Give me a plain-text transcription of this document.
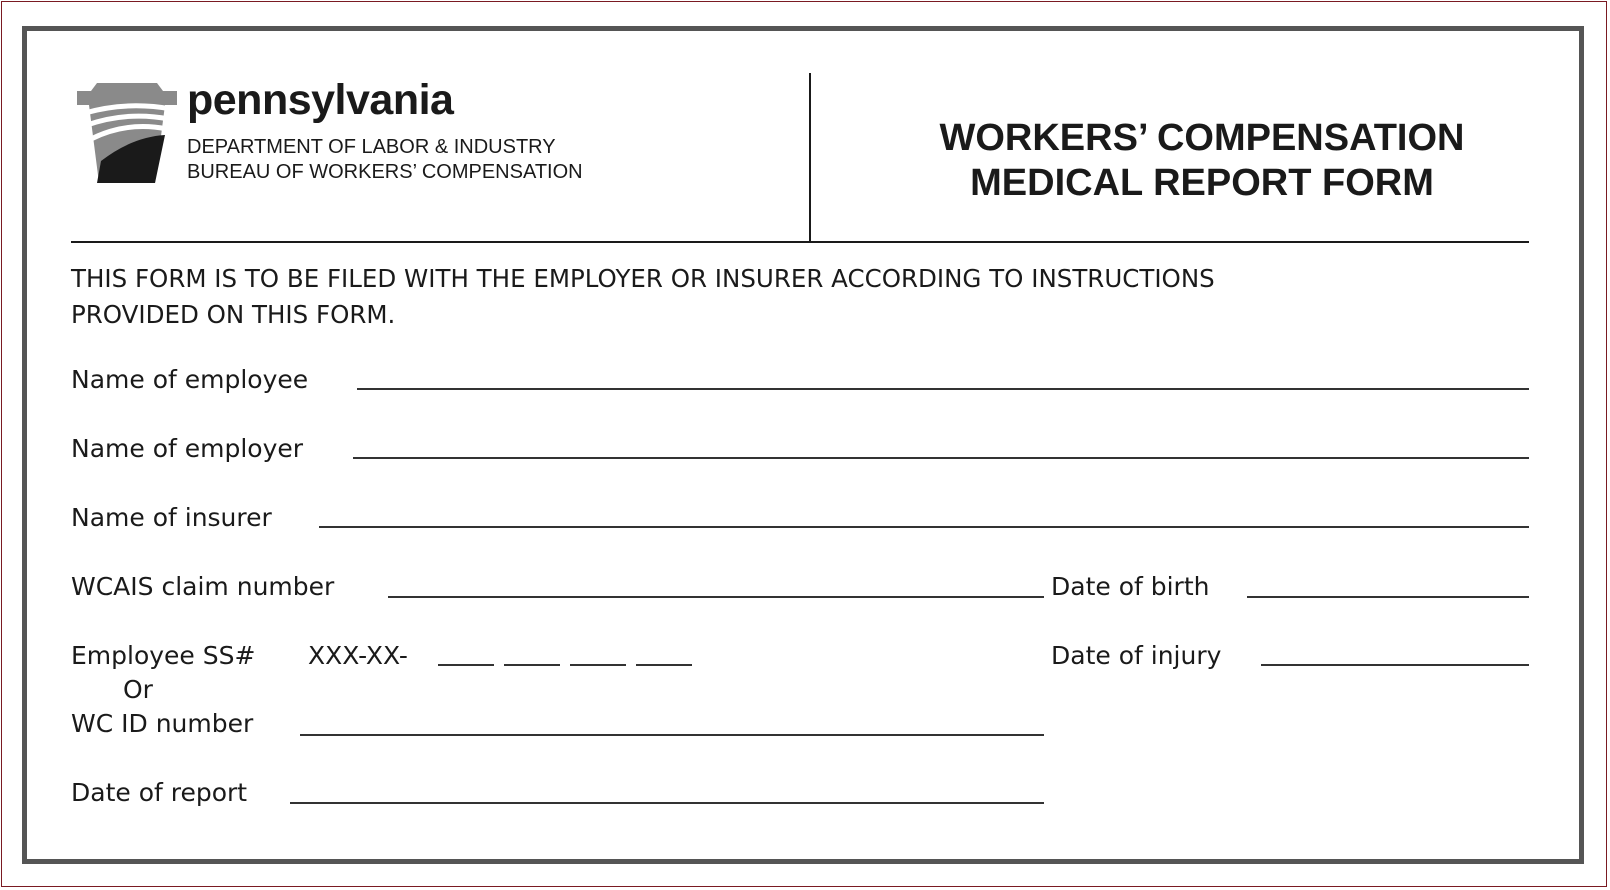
pennsylvania
DEPARTMENT OF LABOR & INDUSTRY
BUREAU OF WORKERS’ COMPENSATION
WORKERS’ COMPENSATION
MEDICAL REPORT FORM
THIS FORM IS TO BE FILED WITH THE EMPLOYER OR INSURER ACCORDING TO INSTRUCTIONS
PROVIDED ON THIS FORM.
Name of employee
Name of employer
Name of insurer
WCAIS claim number	Date of birth
Employee SS# XXX-XX-	Date of injury
Or
WC ID number
Date of report
